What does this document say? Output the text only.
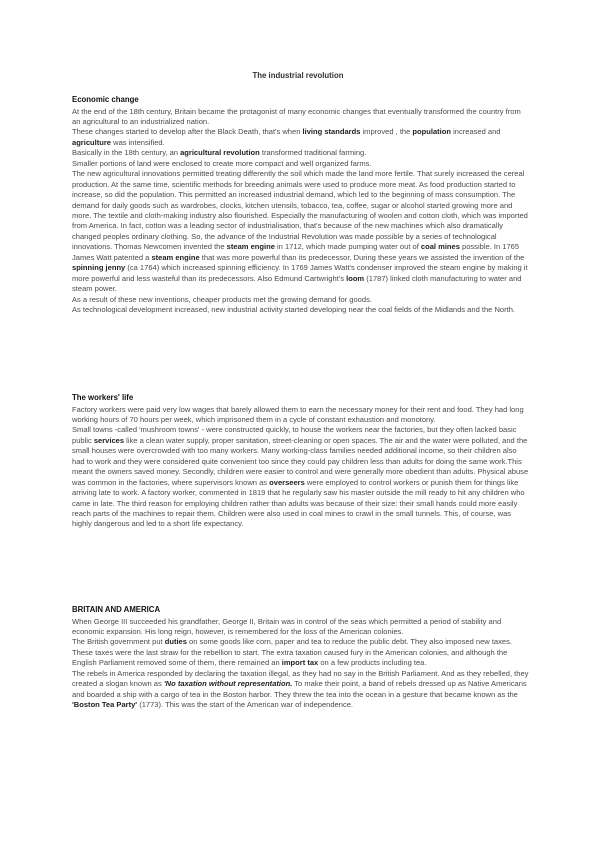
The industrial revolution
Economic change

At the end of the 18th century, Britain became the protagonist of many economic changes that eventually transformed the country from an agricultural to an industrialized nation.

These changes started to develop after the Black Death, that's when living standards improved , the population increased and agriculture was intensified.

Basically in the 18th century, an agricultural revolution transformed traditional farming.

Smaller portions of land were enclosed to create more compact and well organized farms.

The new agricultural innovations permitted treating differently the soil which made the land more fertile. That surely increased the cereal production. At the same time, scientific methods for breeding animals were used to produce more meat. As food production started to increase, so did the population. This permitted an increased industrial demand, which led to the beginning of mass consumption. The demand for daily goods such as wardrobes, clocks, kitchen utensils, tobacco, tea, coffee, sugar or alcohol started growing more and more. The textile and cloth-making industry also flourished. Especially the manufacturing of woolen and cotton cloth, which was imported from America. In fact, cotton was a leading sector of industrialisation, that's because of the new machines which also dramatically changed peoples ordinary clothing. So, the advance of the Industrial Revolution was made possible by a series of technological innovations. Thomas Newcomen invented the steam engine in 1712, which made pumping water out of coal mines possible. In 1765 James Watt patented a steam engine that was more powerful than its predecessor. During these years we assisted the invention of the spinning jenny (ca 1764) which increased spinning efficiency. In 1769 James Watt's condenser improved the steam engine by making it more powerful and less wasteful than its predecessors. Also Edmund Cartwright's loom (1787) linked cloth manufacturing to water and steam power.

As a result of these new inventions, cheaper products met the growing demand for goods.

As technological development increased, new industrial activity started developing near the coal fields of the Midlands and the North.

The workers' life

Factory workers were paid very low wages that barely allowed them to earn the necessary money for their rent and food. They had long working hours of 70 hours per week, which imprisoned them in a cycle of constant exhaustion and monotony.

Small towns -called 'mushroom towns' - were constructed quickly, to house the workers near the factories, but they often lacked basic public services like a clean water supply, proper sanitation, street-cleaning or open spaces. The air and the water were polluted, and the small houses were overcrowded with too many workers. Many working-class families needed additional income, so their children also had to work and they were considered quite convenient too since they could pay children less than adults for doing the same work.This meant the owners saved money. Secondly, children were easier to control and were generally more obedient than adults. Physical abuse was common in the factories, where supervisors known as overseers were employed to control workers or punish them for things like arriving late to work. A factory worker, commented in 1819 that he regularly saw his master outside the mill ready to hit any children who came in late. The third reason for employing children rather than adults was because of their size: their small hands could more easily reach parts of the machines to repair them. Children were also used in coal mines to crawl in the small tunnels. This, of course, was highly dangerous and led to a short life expectancy.

BRITAIN AND AMERICA

When George III succeeded his grandfather, George II, Britain was in control of the seas which permitted a period of stability and economic expansion. His long reign, however, is remembered for the loss of the American colonies.

The British government put duties on some goods like corn, paper and tea to reduce the public debt. They also imposed new taxes. These taxes were the last straw for the rebellion to start. The extra taxation caused fury in the American colonies, and although the English Parliament removed some of them, there remained an import tax on a few products including tea.

The rebels in America responded by declaring the taxation illegal, as they had no say in the British Parliament. And as they rebelled, they created a slogan known as 'No taxation without representation. To make their point, a band of rebels dressed up as Native Americans and boarded a ship with a cargo of tea in the Boston harbor. They threw the tea into the ocean in a gesture that became known as the 'Boston Tea Party' (1773). This was the start of the American war of independence.
